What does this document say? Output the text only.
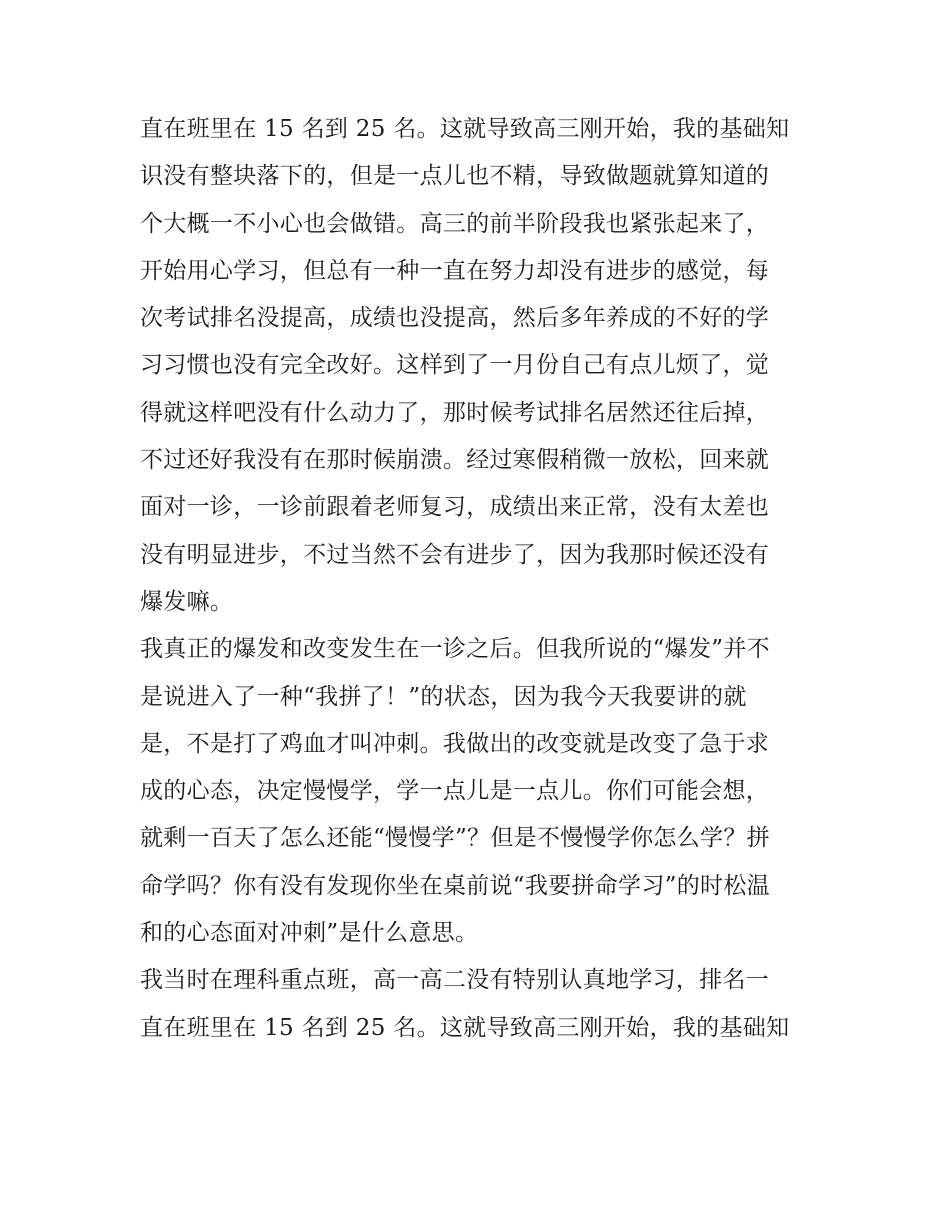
直在班里在 15 名到 25 名。这就导致高三刚开始，我的基础知

识没有整块落下的，但是一点儿也不精，导致做题就算知道的

个大概一不小心也会做错。高三的前半阶段我也紧张起来了，

开始用心学习，但总有一种一直在努力却没有进步的感觉，每

次考试排名没提高，成绩也没提高，然后多年养成的不好的学

习习惯也没有完全改好。这样到了一月份自己有点儿烦了，觉

得就这样吧没有什么动力了，那时候考试排名居然还往后掉，

不过还好我没有在那时候崩溃。经过寒假稍微一放松，回来就

面对一诊，一诊前跟着老师复习，成绩出来正常，没有太差也

没有明显进步，不过当然不会有进步了，因为我那时候还没有

爆发嘛。

我真正的爆发和改变发生在一诊之后。但我所说的“爆发”并不

是说进入了一种“我拼了！”的状态，因为我今天我要讲的就

是，不是打了鸡血才叫冲刺。我做出的改变就是改变了急于求

成的心态，决定慢慢学，学一点儿是一点儿。你们可能会想，

就剩一百天了怎么还能“慢慢学”？但是不慢慢学你怎么学？拼

命学吗？你有没有发现你坐在桌前说“我要拼命学习”的时松温

和的心态面对冲刺”是什么意思。

我当时在理科重点班，高一高二没有特别认真地学习，排名一

直在班里在 15 名到 25 名。这就导致高三刚开始，我的基础知
